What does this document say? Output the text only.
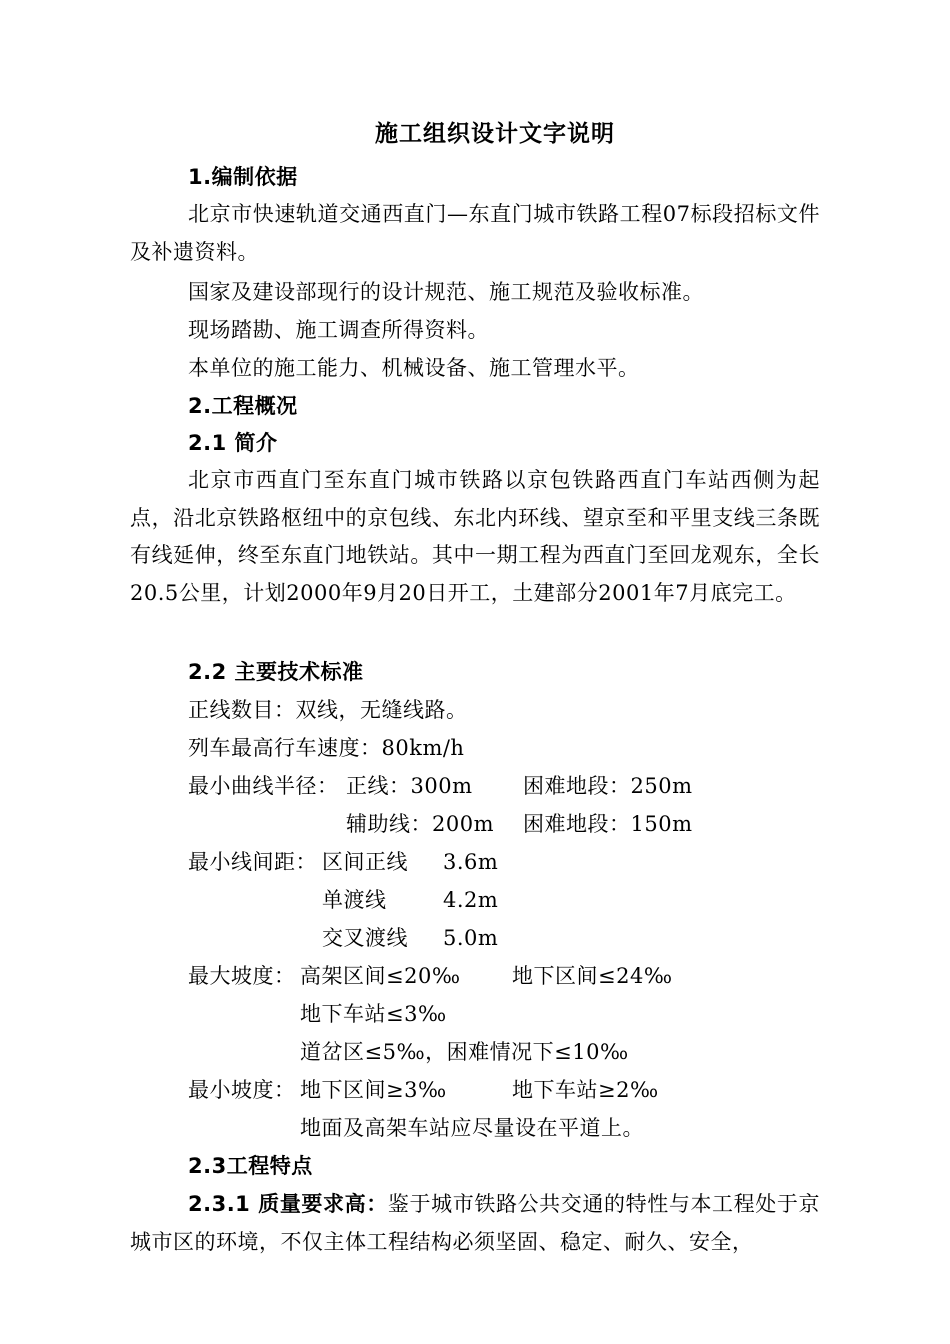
施工组织设计文字说明
1.编制依据
北京市快速轨道交通西直门—东直门城市铁路工程07标段招标文件及补遗资料。
国家及建设部现行的设计规范、施工规范及验收标准。
现场踏勘、施工调查所得资料。
本单位的施工能力、机械设备、施工管理水平。
2.工程概况
2.1 简介
北京市西直门至东直门城市铁路以京包铁路西直门车站西侧为起点，沿北京铁路枢纽中的京包线、东北内环线、望京至和平里支线三条既有线延伸，终至东直门地铁站。其中一期工程为西直门至回龙观东，全长20.5公里，计划2000年9月20日开工，土建部分2001年7月底完工。
2.2 主要技术标准
正线数目：双线，无缝线路。
列车最高行车速度：80km/h
最小曲线半径： 正线：300m 困难地段：250m
辅助线：200m 困难地段：150m
最小线间距： 区间正线 3.6m
单渡线	4.2m
交叉渡线 5.0m
最大坡度： 高架区间≤20‰ 地下区间≤24‰
地下车站≤3‰
道岔区≤5‰，困难情况下≤10‰
最小坡度： 地下区间≥3‰	地下车站≥2‰
地面及高架车站应尽量设在平道上。
2.3工程特点
2.3.1 质量要求高：鉴于城市铁路公共交通的特性与本工程处于京城市区的环境，不仅主体工程结构必须坚固、稳定、耐久、安全，
